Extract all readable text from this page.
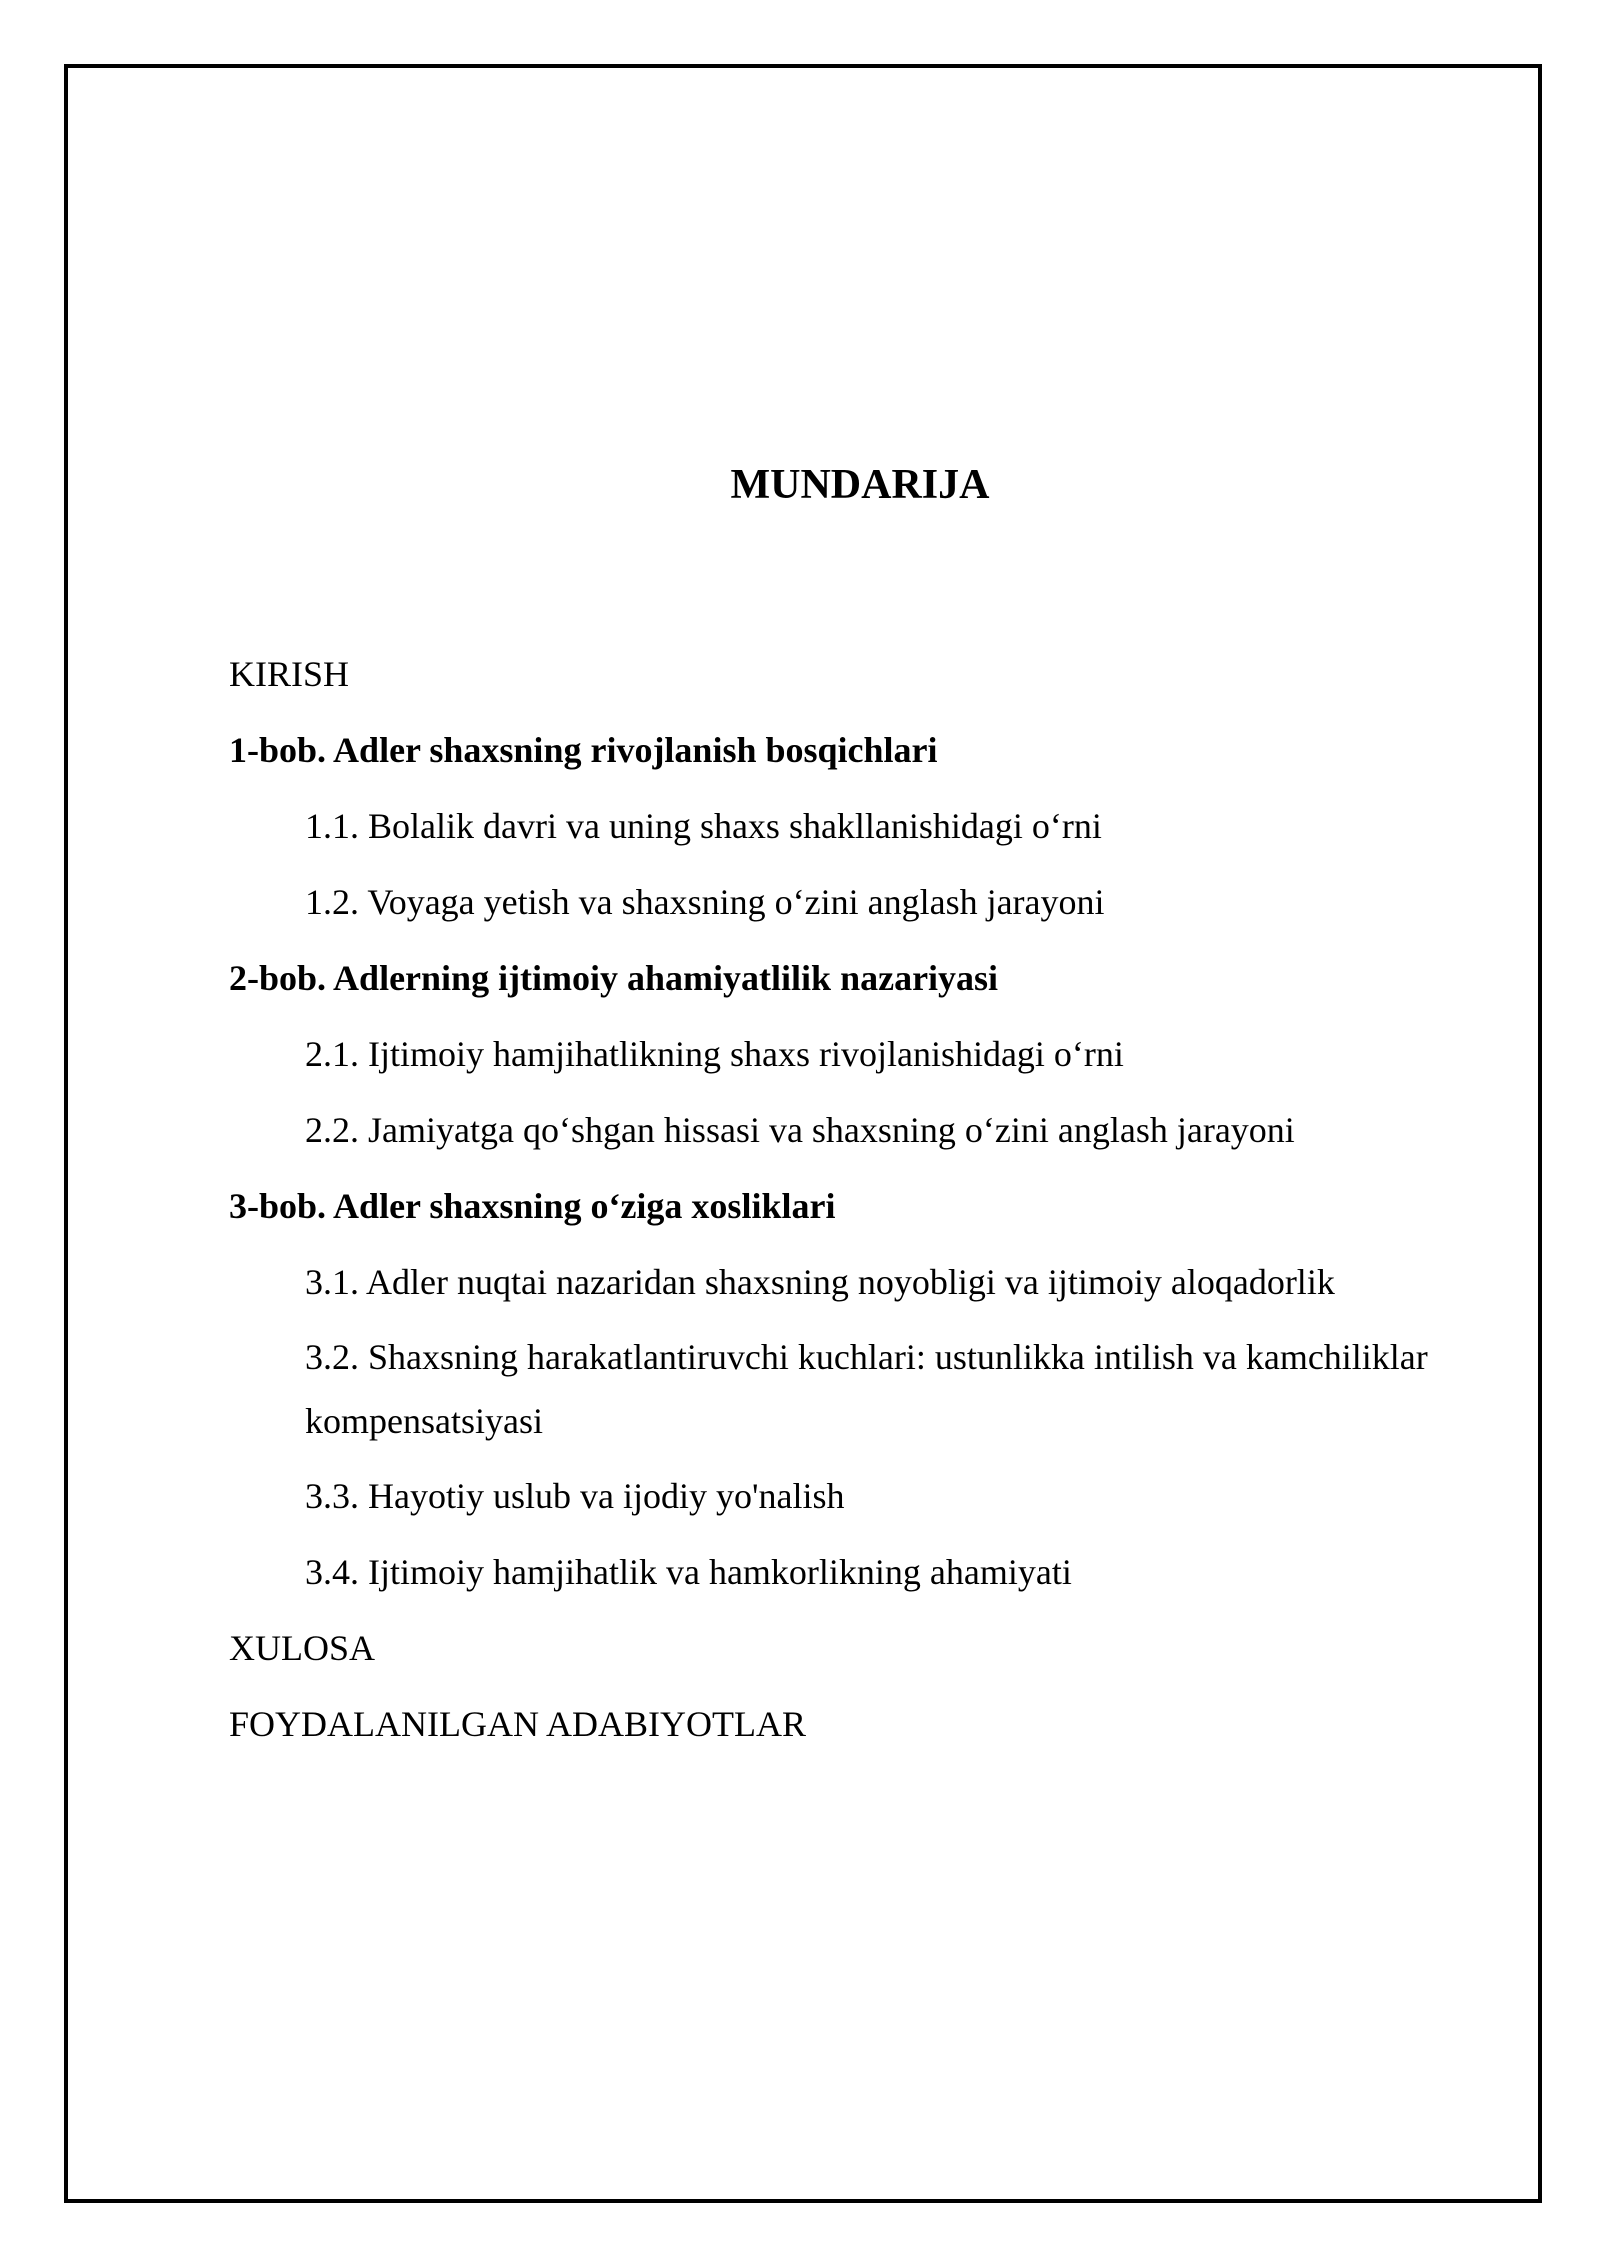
MUNDARIJA
KIRISH
1-bob. Adler shaxsning rivojlanish bosqichlari
1.1. Bolalik davri va uning shaxs shakllanishidagi o‘rni
1.2. Voyaga yetish va shaxsning o‘zini anglash jarayoni
2-bob. Adlerning ijtimoiy ahamiyatlilik nazariyasi
2.1. Ijtimoiy hamjihatlikning shaxs rivojlanishidagi o‘rni
2.2. Jamiyatga qo‘shgan hissasi va shaxsning o‘zini anglash jarayoni
3-bob. Adler shaxsning o‘ziga xosliklari
3.1. Adler nuqtai nazaridan shaxsning noyobligi va ijtimoiy aloqadorlik
3.2. Shaxsning harakatlantiruvchi kuchlari: ustunlikka intilish va kamchiliklar kompensatsiyasi
3.3. Hayotiy uslub va ijodiy yo'nalish
3.4. Ijtimoiy hamjihatlik va hamkorlikning ahamiyati
XULOSA
FOYDALANILGAN ADABIYOTLAR
